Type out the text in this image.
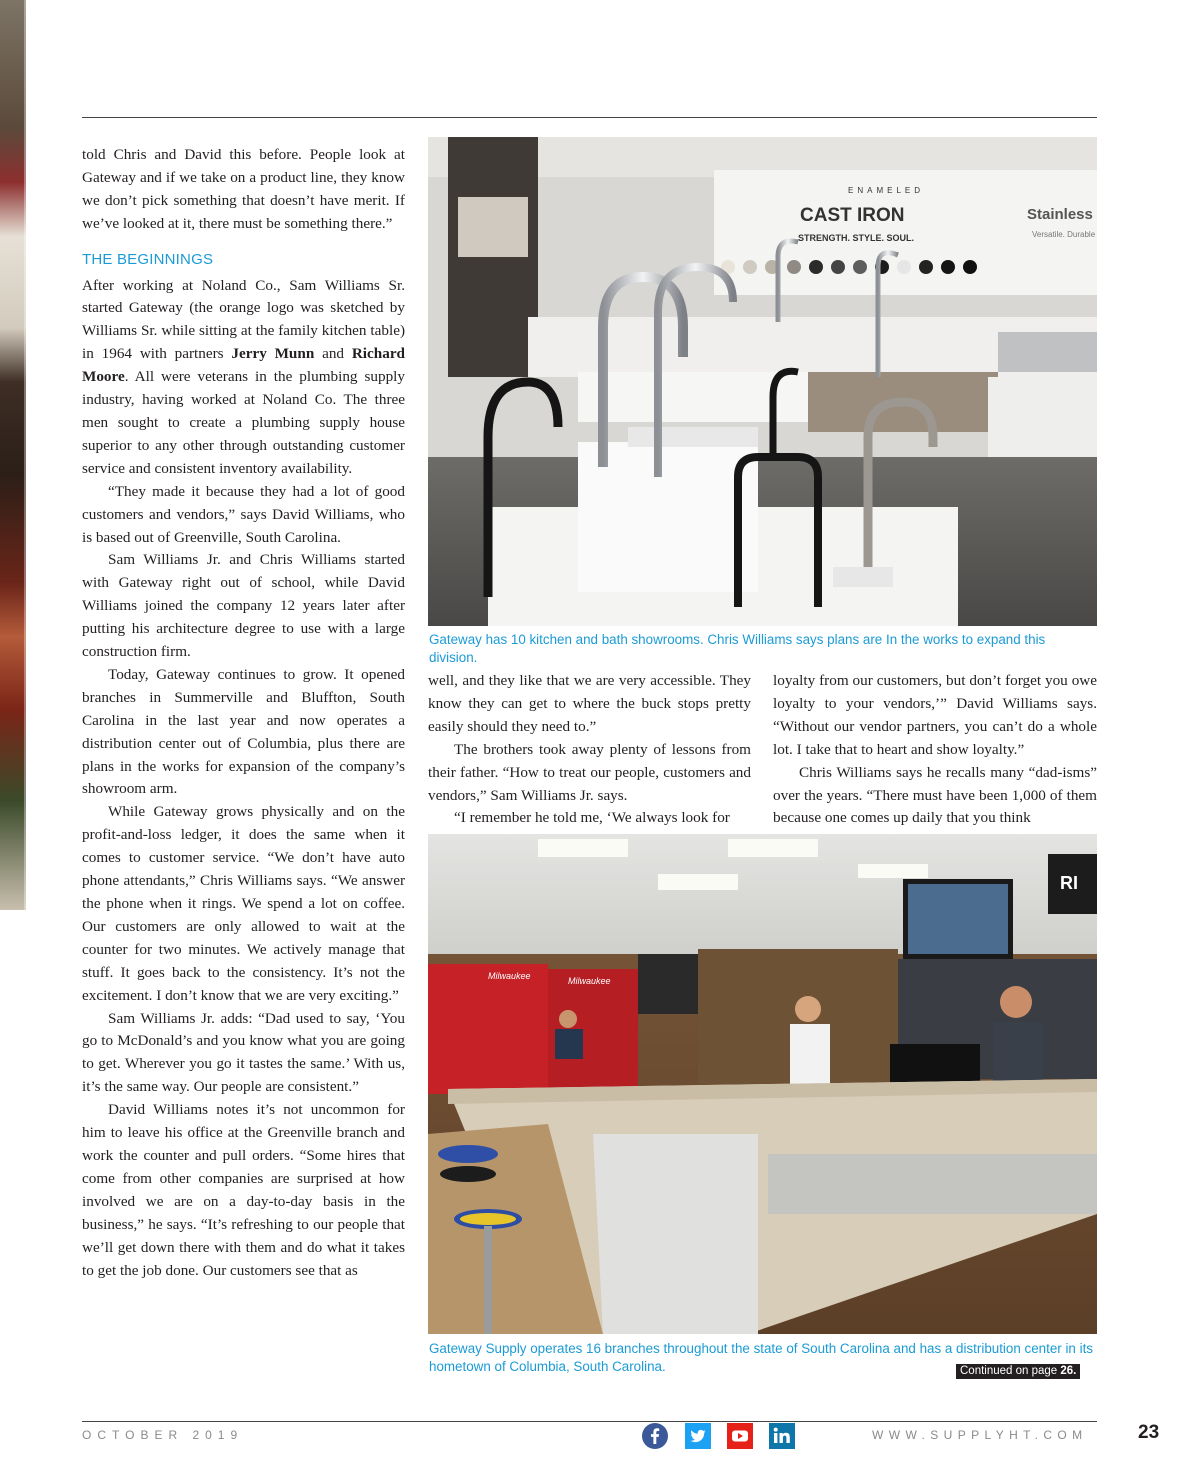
told Chris and David this before. People look at Gateway and if we take on a product line, they know we don’t pick something that doesn’t have merit. If we’ve looked at it, there must be something there.”

THE BEGINNINGS

After working at Noland Co., Sam Williams Sr. started Gateway (the orange logo was sketched by Williams Sr. while sitting at the family kitchen table) in 1964 with partners Jerry Munn and Richard Moore. All were veterans in the plumbing supply industry, having worked at Noland Co. The three men sought to create a plumbing supply house superior to any other through outstanding customer service and consistent inventory availability.

“They made it because they had a lot of good customers and vendors,” says David Williams, who is based out of Greenville, South Carolina.

Sam Williams Jr. and Chris Williams started with Gateway right out of school, while David Williams joined the company 12 years later after putting his architecture degree to use with a large construction firm.

Today, Gateway continues to grow. It opened branches in Summerville and Bluffton, South Carolina in the last year and now operates a distribution center out of Columbia, plus there are plans in the works for expansion of the company’s showroom arm.

While Gateway grows physically and on the profit-and-loss ledger, it does the same when it comes to customer service. “We don’t have auto phone attendants,” Chris Williams says. “We answer the phone when it rings. We spend a lot on coffee. Our customers are only allowed to wait at the counter for two minutes. We actively manage that stuff. It goes back to the consistency. It’s not the excitement. I don’t know that we are very exciting.”

Sam Williams Jr. adds: “Dad used to say, ‘You go to McDonald’s and you know what you are going to get. Wherever you go it tastes the same.’ With us, it’s the same way. Our people are consistent.”

David Williams notes it’s not uncommon for him to leave his office at the Greenville branch and work the counter and pull orders. “Some hires that come from other companies are surprised at how involved we are on a day-to-day basis in the business,” he says. “It’s refreshing to our people that we’ll get down there with them and do what it takes to get the job done. Our customers see that as

ENAMELED
CAST IRON
STRENGTH. STYLE. SOUL.
Stainless
Versatile. Durable
Gateway has 10 kitchen and bath showrooms. Chris Williams says plans are In the works to expand this division.

well, and they like that we are very accessible. They know they can get to where the buck stops pretty easily should they need to.”

The brothers took away plenty of lessons from their father. “How to treat our people, customers and vendors,” Sam Williams Jr. says.

“I remember he told me, ‘We always look for

loyalty from our customers, but don’t forget you owe loyalty to your vendors,’” David Williams says. “Without our vendor partners, you can’t do a whole lot. I take that to heart and show loyalty.”

Chris Williams says he recalls many “dad-isms” over the years. “There must have been 1,000 of them because one comes up daily that you think

RI
Milwaukee	Milwaukee
Gateway Supply operates 16 branches throughout the state of South Carolina and has a distribution center in its hometown of Columbia, South Carolina.	Continued on page 26.
OCTOBER 2019	WWW.SUPPLYHT.COM	23
